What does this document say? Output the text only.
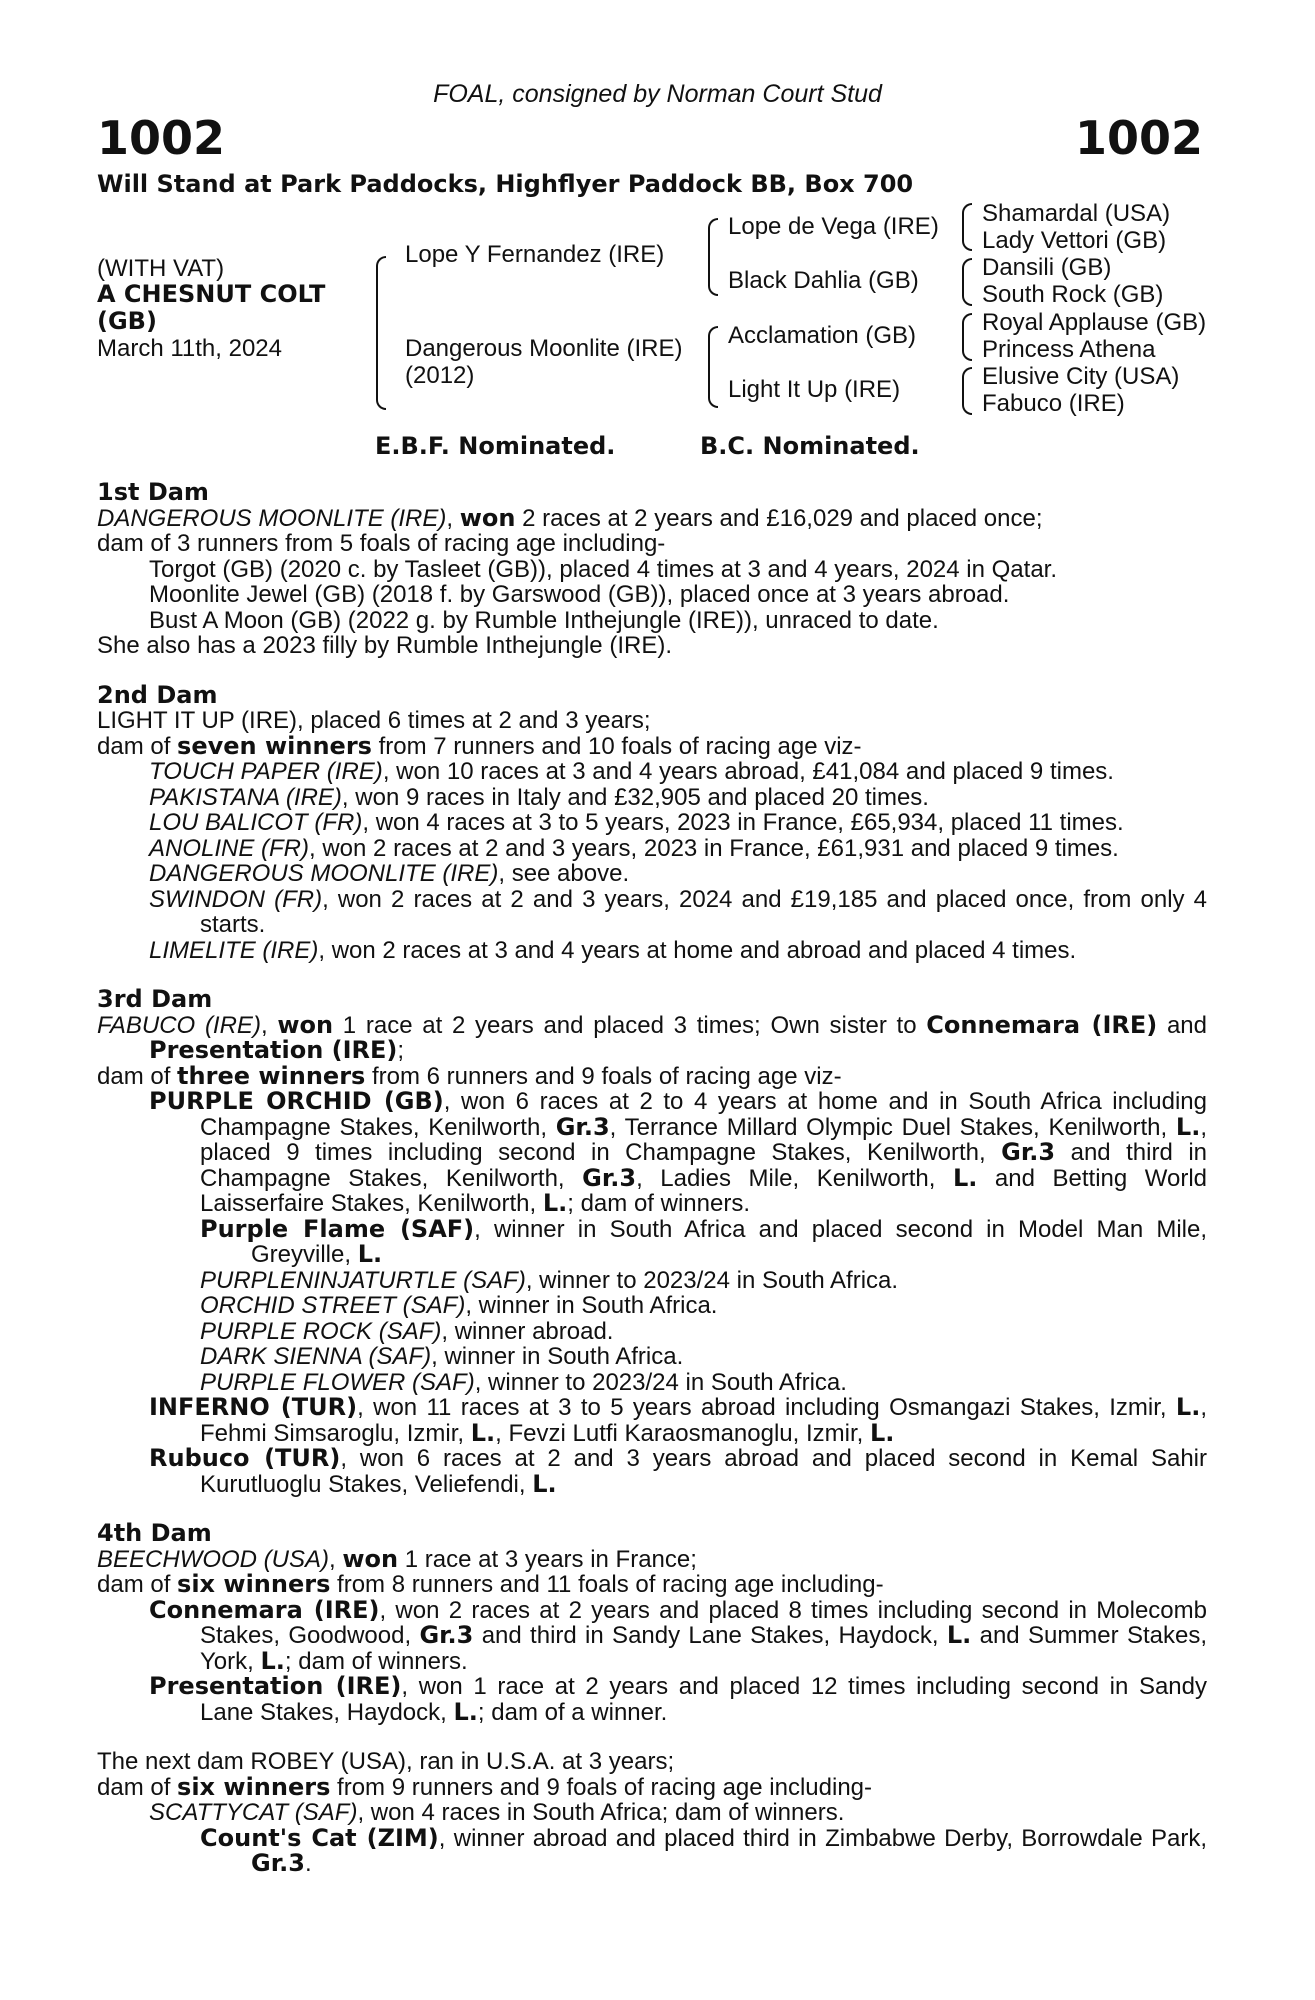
FOAL, consigned by Norman Court Stud
1002	1002
Will Stand at Park Paddocks, Highflyer Paddock BB, Box 700
(WITH VAT)
A CHESNUT COLT
(GB)
March 11th, 2024
Lope Y Fernandez (IRE)
Dangerous Moonlite (IRE)
(2012)
Lope de Vega (IRE)
Black Dahlia (GB)
Acclamation (GB)
Light It Up (IRE)
Shamardal (USA)
Lady Vettori (GB)
Dansili (GB)
South Rock (GB)
Royal Applause (GB)
Princess Athena
Elusive City (USA)
Fabuco (IRE)
E.B.F. Nominated.	B.C. Nominated.

1st Dam

DANGEROUS MOONLITE (IRE), won 2 races at 2 years and £16,029 and placed once;

dam of 3 runners from 5 foals of racing age including-

Torgot (GB) (2020 c. by Tasleet (GB)), placed 4 times at 3 and 4 years, 2024 in Qatar.

Moonlite Jewel (GB) (2018 f. by Garswood (GB)), placed once at 3 years abroad.

Bust A Moon (GB) (2022 g. by Rumble Inthejungle (IRE)), unraced to date.

She also has a 2023 filly by Rumble Inthejungle (IRE).

2nd Dam

LIGHT IT UP (IRE), placed 6 times at 2 and 3 years;

dam of seven winners from 7 runners and 10 foals of racing age viz-

TOUCH PAPER (IRE), won 10 races at 3 and 4 years abroad, £41,084 and placed 9 times.

PAKISTANA (IRE), won 9 races in Italy and £32,905 and placed 20 times.

LOU BALICOT (FR), won 4 races at 3 to 5 years, 2023 in France, £65,934, placed 11 times.

ANOLINE (FR), won 2 races at 2 and 3 years, 2023 in France, £61,931 and placed 9 times.

DANGEROUS MOONLITE (IRE), see above.

SWINDON (FR), won 2 races at 2 and 3 years, 2024 and £19,185 and placed once, from only 4 starts.

LIMELITE (IRE), won 2 races at 3 and 4 years at home and abroad and placed 4 times.

3rd Dam

FABUCO (IRE), won 1 race at 2 years and placed 3 times; Own sister to Connemara (IRE) and Presentation (IRE);

dam of three winners from 6 runners and 9 foals of racing age viz-

PURPLE ORCHID (GB), won 6 races at 2 to 4 years at home and in South Africa including Champagne Stakes, Kenilworth, Gr.3, Terrance Millard Olympic Duel Stakes, Kenilworth, L., placed 9 times including second in Champagne Stakes, Kenilworth, Gr.3 and third in Champagne Stakes, Kenilworth, Gr.3, Ladies Mile, Kenilworth, L. and Betting World Laisserfaire Stakes, Kenilworth, L.; dam of winners.

Purple Flame (SAF), winner in South Africa and placed second in Model Man Mile, Greyville, L.

PURPLENINJATURTLE (SAF), winner to 2023/24 in South Africa.

ORCHID STREET (SAF), winner in South Africa.

PURPLE ROCK (SAF), winner abroad.

DARK SIENNA (SAF), winner in South Africa.

PURPLE FLOWER (SAF), winner to 2023/24 in South Africa.

INFERNO (TUR), won 11 races at 3 to 5 years abroad including Osmangazi Stakes, Izmir, L., Fehmi Simsaroglu, Izmir, L., Fevzi Lutfi Karaosmanoglu, Izmir, L.

Rubuco (TUR), won 6 races at 2 and 3 years abroad and placed second in Kemal Sahir Kurutluoglu Stakes, Veliefendi, L.

4th Dam

BEECHWOOD (USA), won 1 race at 3 years in France;

dam of six winners from 8 runners and 11 foals of racing age including-

Connemara (IRE), won 2 races at 2 years and placed 8 times including second in Molecomb Stakes, Goodwood, Gr.3 and third in Sandy Lane Stakes, Haydock, L. and Summer Stakes, York, L.; dam of winners.

Presentation (IRE), won 1 race at 2 years and placed 12 times including second in Sandy Lane Stakes, Haydock, L.; dam of a winner.

The next dam ROBEY (USA), ran in U.S.A. at 3 years;

dam of six winners from 9 runners and 9 foals of racing age including-

SCATTYCAT (SAF), won 4 races in South Africa; dam of winners.

Count's Cat (ZIM), winner abroad and placed third in Zimbabwe Derby, Borrowdale Park, Gr.3.
